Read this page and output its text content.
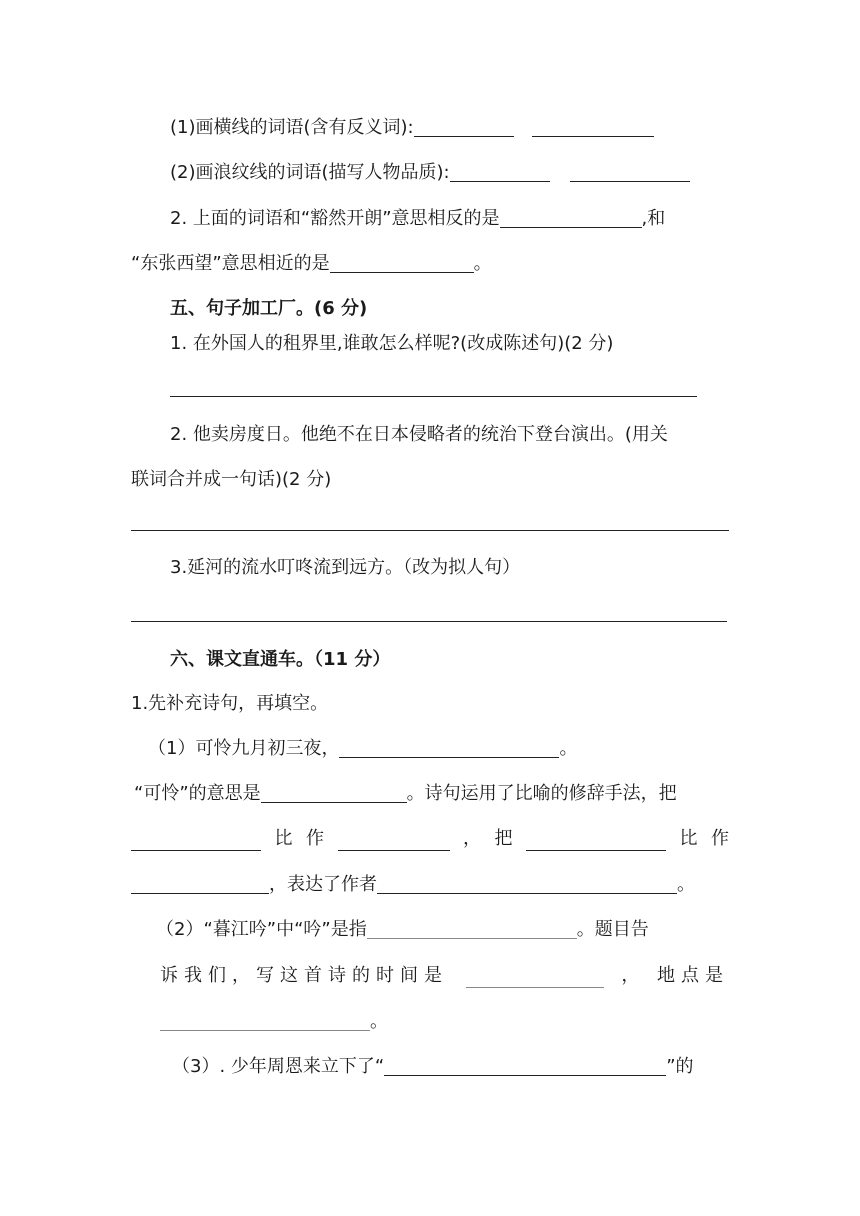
(1)画横线的词语(含有反义词):
(2)画浪纹线的词语(描写人物品质):
2. 上面的词语和“豁然开朗”意思相反的是	,和
“东张西望”意思相近的是	。
五、句子加工厂。(6 分)
1. 在外国人的租界里,谁敢怎么样呢?(改成陈述句)(2 分)
2. 他卖房度日。他绝不在日本侵略者的统治下登台演出。(用关
联词合并成一句话)(2 分)
3.延河的流水叮咚流到远方。（改为拟人句）
六、课文直通车。（11 分）
1.先补充诗句，再填空。
（1）可怜九月初三夜，	。
“可怜”的意思是	。诗句运用了比喻的修辞手法，把
比 作	， 把	比 作
，表达了作者	。
（2）“暮江吟”中“吟”是指	。题目告
诉我们，写这首诗的时间是	， 地点是
。
（3）. 少年周恩来立下了“	”的
